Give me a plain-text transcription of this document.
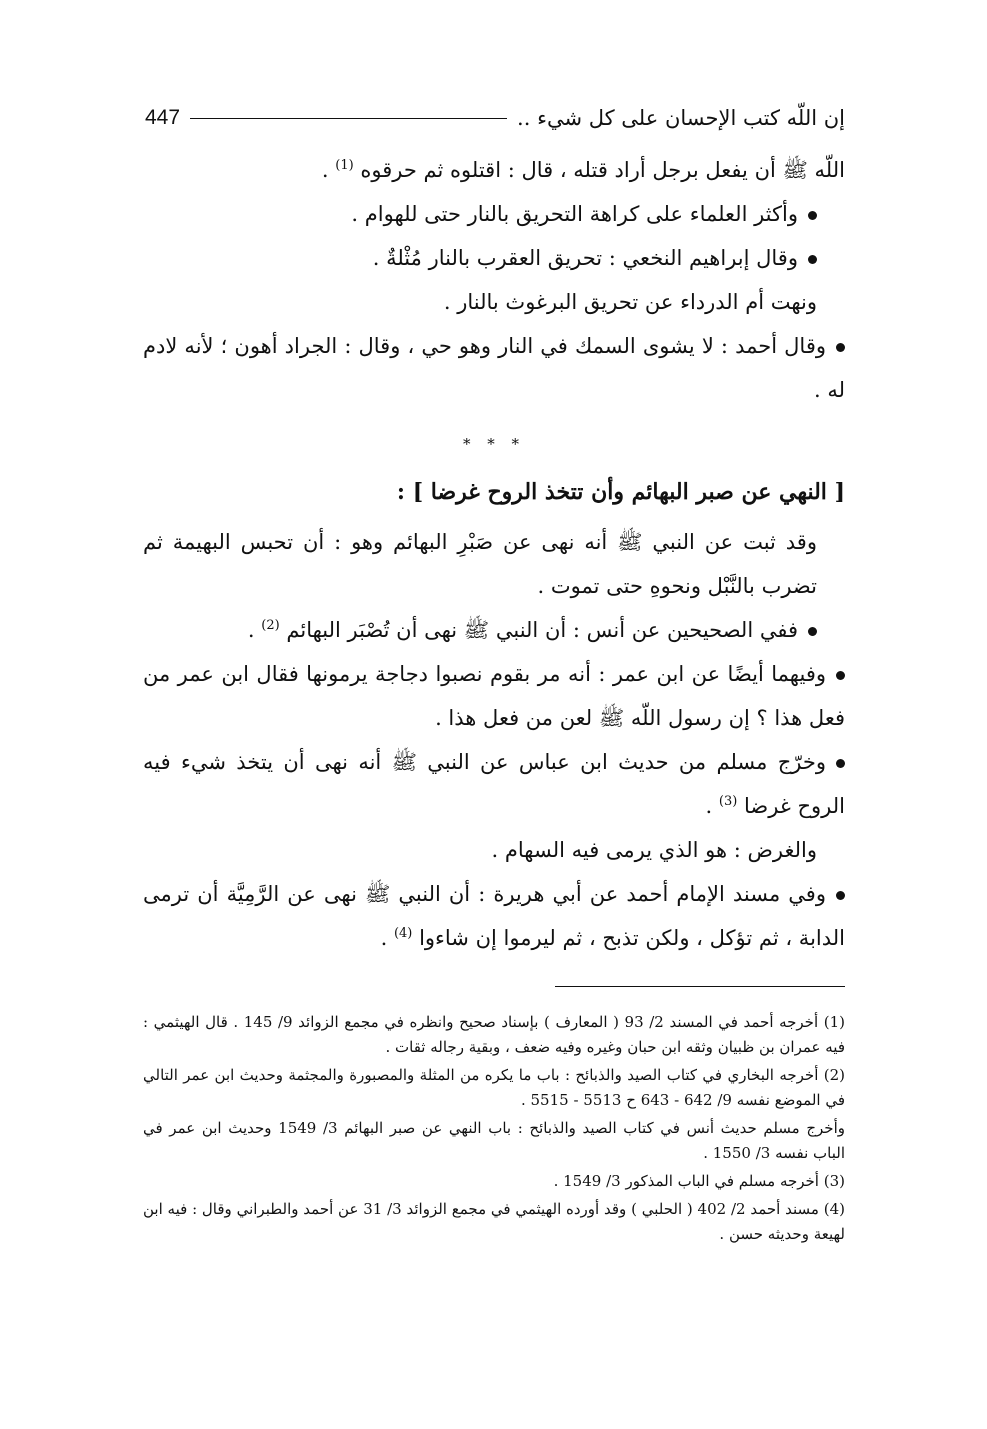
إن اللّه كتب الإحسان على كل شيء ..
447

اللّه ﷺ أن يفعل برجل أراد قتله ، قال : اقتلوه ثم حرقوه $^{(1)}$ .

وأكثر العلماء على كراهة التحريق بالنار حتى للهوام .

وقال إبراهيم النخعي : تحريق العقرب بالنار مُثْلةٌ .

ونهت أم الدرداء عن تحريق البرغوث بالنار .

وقال أحمد : لا يشوى السمك في النار وهو حي ، وقال : الجراد أهون ؛ لأنه لادم له .

* * *

[ النهي عن صبر البهائم وأن تتخذ الروح غرضا ] :

وقد ثبت عن النبي ﷺ أنه نهى عن صَبْرِ البهائم وهو : أن تحبس البهيمة ثم تضرب بالنَّبْل ونحوهِ حتى تموت .

ففي الصحيحين عن أنس : أن النبي ﷺ نهى أن تُصْبَر البهائم $^{(2)}$ .

وفيهما أيضًا عن ابن عمر : أنه مر بقوم نصبوا دجاجة يرمونها فقال ابن عمر من فعل هذا ؟ إن رسول اللّه ﷺ لعن من فعل هذا .

وخرّج مسلم من حديث ابن عباس عن النبي ﷺ أنه نهى أن يتخذ شيء فيه الروح غرضا $^{(3)}$ .

والغرض : هو الذي يرمى فيه السهام .

وفي مسند الإمام أحمد عن أبي هريرة : أن النبي ﷺ نهى عن الرَّمِيَّة أن ترمى الدابة ، ثم تؤكل ، ولكن تذبح ، ثم ليرموا إن شاءوا $^{(4)}$ .

(1) أخرجه أحمد في المسند 2/ 93 ( المعارف ) بإسناد صحيح وانظره في مجمع الزوائد 9/ 145 . قال الهيثمي : فيه عمران بن ظبيان وثقه ابن حبان وغيره وفيه ضعف ، وبقية رجاله ثقات .

(2) أخرجه البخاري في كتاب الصيد والذبائح : باب ما يكره من المثلة والمصبورة والمجثمة وحديث ابن عمر التالي في الموضع نفسه 9/ 642 - 643 ح 5513 - 5515 .

وأخرج مسلم حديث أنس في كتاب الصيد والذبائح : باب النهي عن صبر البهائم 3/ 1549 وحديث ابن عمر في الباب نفسه 3/ 1550 .

(3) أخرجه مسلم في الباب المذكور 3/ 1549 .

(4) مسند أحمد 2/ 402 ( الحلبي ) وقد أورده الهيثمي في مجمع الزوائد 3/ 31 عن أحمد والطبراني وقال : فيه ابن لهيعة وحديثه حسن .
